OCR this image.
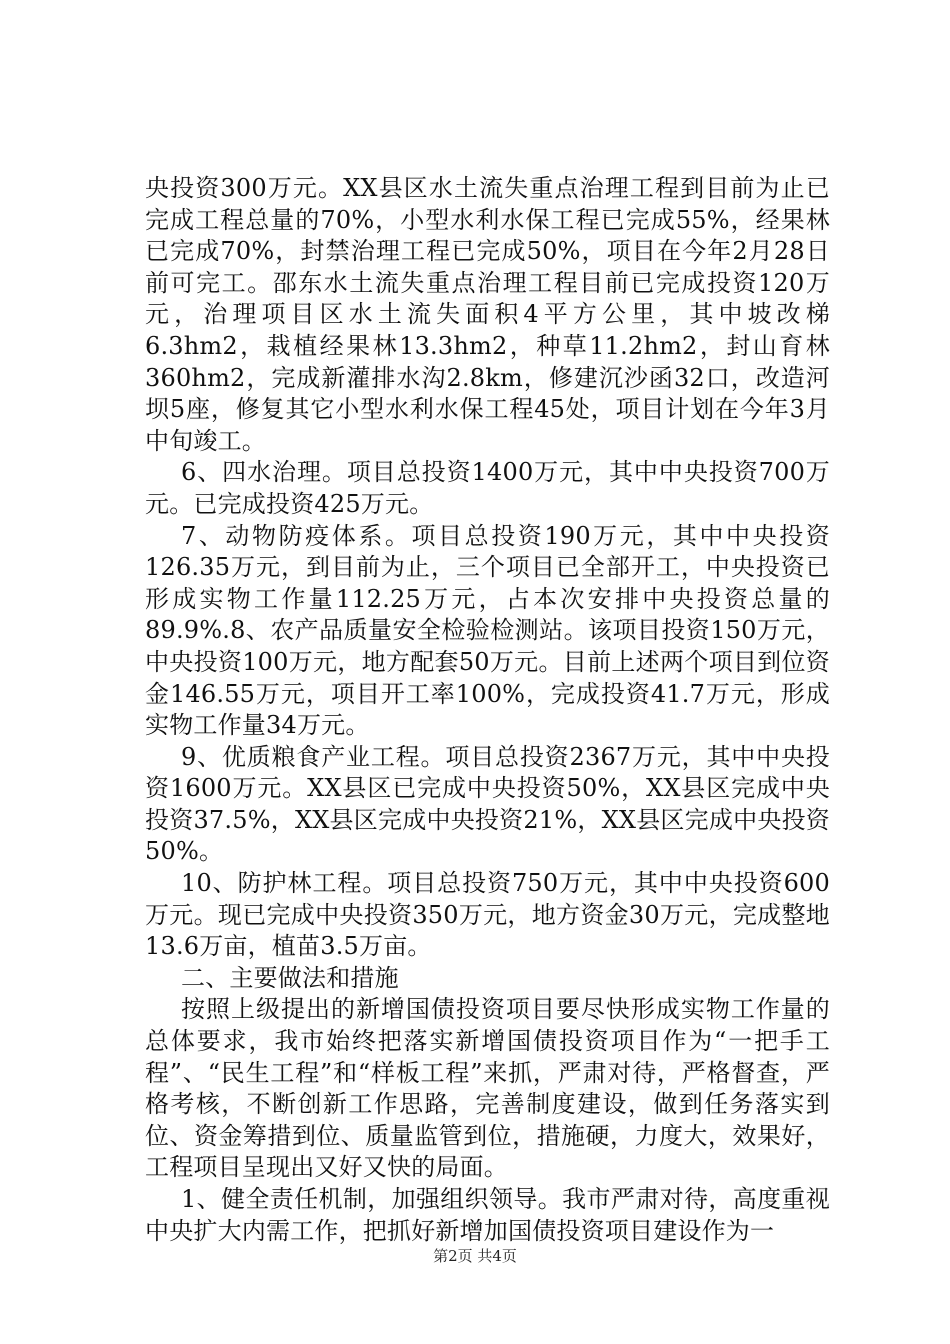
央投资300万元。XX县区水土流失重点治理工程到目前为止已完成工程总量的70%，小型水利水保工程已完成55%，经果林已完成70%，封禁治理工程已完成50%，项目在今年2月28日前可完工。邵东水土流失重点治理工程目前已完成投资120万元，治理项目区水土流失面积4平方公里，其中坡改梯6.3hm2，栽植经果林13.3hm2，种草11.2hm2，封山育林360hm2，完成新灌排水沟2.8km，修建沉沙函32口，改造河坝5座，修复其它小型水利水保工程45处，项目计划在今年3月中旬竣工。

6、四水治理。项目总投资1400万元，其中中央投资700万元。已完成投资425万元。

7、动物防疫体系。项目总投资190万元，其中中央投资126.35万元，到目前为止，三个项目已全部开工，中央投资已形成实物工作量112.25万元，占本次安排中央投资总量的89.9%.8、农产品质量安全检验检测站。该项目投资150万元，中央投资100万元，地方配套50万元。目前上述两个项目到位资金146.55万元，项目开工率100%，完成投资41.7万元，形成实物工作量34万元。

9、优质粮食产业工程。项目总投资2367万元，其中中央投资1600万元。XX县区已完成中央投资50%，XX县区完成中央投资37.5%，XX县区完成中央投资21%，XX县区完成中央投资50%。

10、防护林工程。项目总投资750万元，其中中央投资600万元。现已完成中央投资350万元，地方资金30万元，完成整地13.6万亩，植苗3.5万亩。

二、主要做法和措施

按照上级提出的新增国债投资项目要尽快形成实物工作量的总体要求，我市始终把落实新增国债投资项目作为“一把手工程”、“民生工程”和“样板工程”来抓，严肃对待，严格督查，严格考核，不断创新工作思路，完善制度建设，做到任务落实到位、资金筹措到位、质量监管到位，措施硬，力度大，效果好，工程项目呈现出又好又快的局面。

1、健全责任机制，加强组织领导。我市严肃对待，高度重视中央扩大内需工作，把抓好新增加国债投资项目建设作为一

第2页 共4页
